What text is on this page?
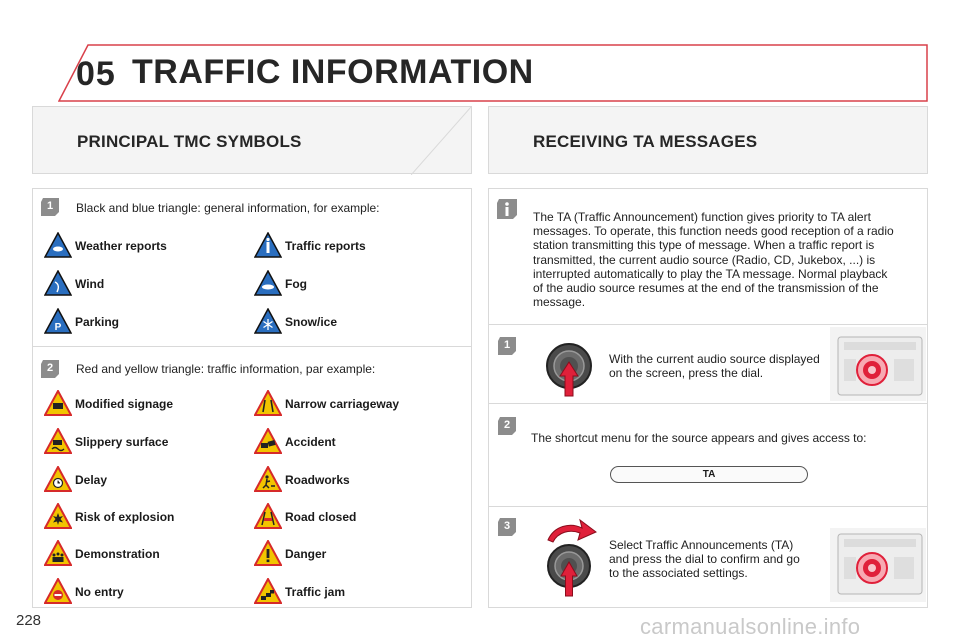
05 TRAFFIC INFORMATION
PRINCIPAL TMC SYMBOLS	RECEIVING TA MESSAGES
1	Black and blue triangle: general information, for example:
Weather reports	Traffic reports
Wind	Fog
P Parking	Snow/ice
2	Red and yellow triangle: traffic information, par example:
Modified signage	Narrow carriageway
Slippery surface	Accident
Delay	Roadworks
Risk of explosion	Road closed
Demonstration	Danger
No entry	Traffic jam
The TA (Traffic Announcement) function gives priority to TA alert
messages. To operate, this function needs good reception of a radio
station transmitting this type of message. When a traffic report is
transmitted, the current audio source (Radio, CD, Jukebox, ...) is
interrupted automatically to play the TA message. Normal playback
of the audio source resumes at the end of the transmission of the
message.
1
With the current audio source displayed
on the screen, press the dial.
2
The shortcut menu for the source appears and gives access to:
TA
3
Select Traffic Announcements (TA)
and press the dial to confirm and go
to the associated settings.
228	carmanualsonline.info
